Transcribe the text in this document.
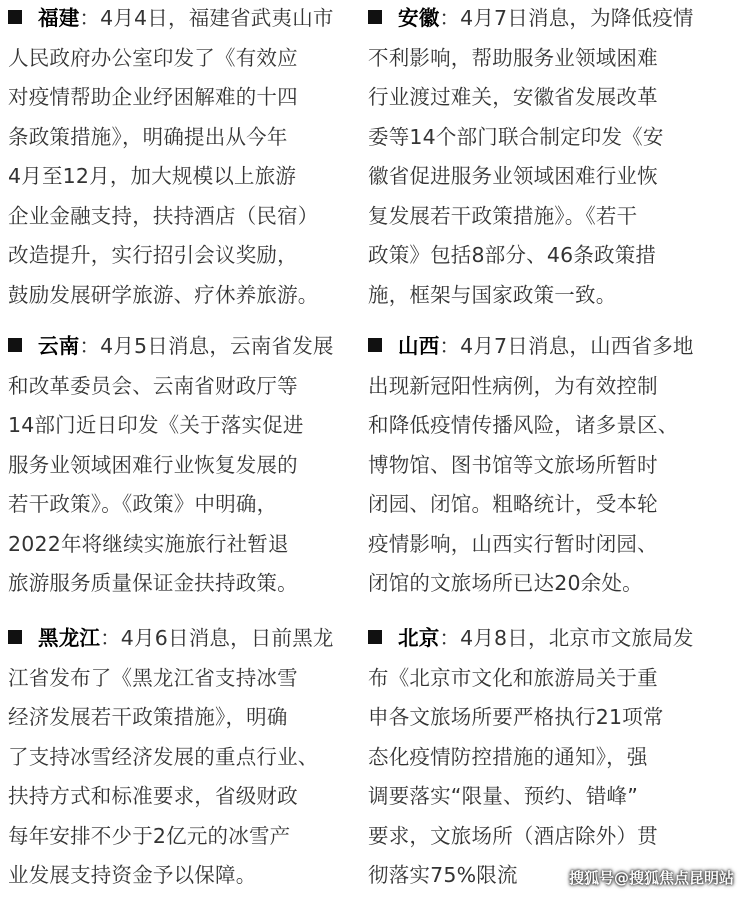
福建：4月4日，福建省武夷山市
人民政府办公室印发了《有效应
对疫情帮助企业纾困解难的十四
条政策措施》，明确提出从今年
4月至12月，加大规模以上旅游
企业金融支持，扶持酒店（民宿）
改造提升，实行招引会议奖励，
鼓励发展研学旅游、疗休养旅游。
安徽：4月7日消息，为降低疫情
不利影响，帮助服务业领域困难
行业渡过难关，安徽省发展改革
委等14个部门联合制定印发《安
徽省促进服务业领域困难行业恢
复发展若干政策措施》。《若干
政策》包括8部分、46条政策措
施，框架与国家政策一致。
云南：4月5日消息，云南省发展
和改革委员会、云南省财政厅等
14部门近日印发《关于落实促进
服务业领域困难行业恢复发展的
若干政策》。《政策》中明确，
2022年将继续实施旅行社暂退
旅游服务质量保证金扶持政策。
山西：4月7日消息，山西省多地
出现新冠阳性病例，为有效控制
和降低疫情传播风险，诸多景区、
博物馆、图书馆等文旅场所暂时
闭园、闭馆。粗略统计，受本轮
疫情影响，山西实行暂时闭园、
闭馆的文旅场所已达20余处。
黑龙江：4月6日消息，日前黑龙
江省发布了《黑龙江省支持冰雪
经济发展若干政策措施》，明确
了支持冰雪经济发展的重点行业、
扶持方式和标准要求，省级财政
每年安排不少于2亿元的冰雪产
业发展支持资金予以保障。
北京：4月8日，北京市文旅局发
布《北京市文化和旅游局关于重
申各文旅场所要严格执行21项常
态化疫情防控措施的通知》，强
调要落实“限量、预约、错峰”
要求，文旅场所（酒店除外）贯
彻落实75%限流	搜狐号@搜狐焦点昆明站
